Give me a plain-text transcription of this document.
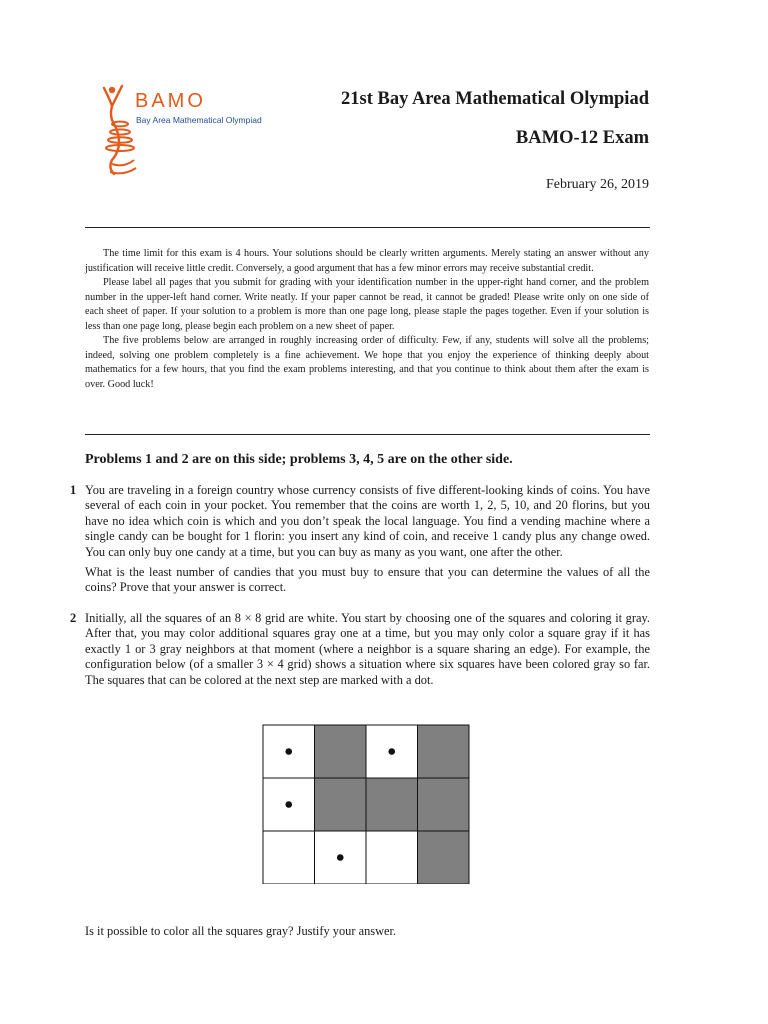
BAMO
Bay Area Mathematical Olympiad
21st Bay Area Mathematical Olympiad
BAMO-12 Exam
February 26, 2019

The time limit for this exam is 4 hours. Your solutions should be clearly written arguments. Merely stating an answer without any justification will receive little credit. Conversely, a good argument that has a few minor errors may receive substantial credit.

Please label all pages that you submit for grading with your identification number in the upper-right hand corner, and the problem number in the upper-left hand corner. Write neatly. If your paper cannot be read, it cannot be graded! Please write only on one side of each sheet of paper. If your solution to a problem is more than one page long, please staple the pages together. Even if your solution is less than one page long, please begin each problem on a new sheet of paper.

The five problems below are arranged in roughly increasing order of difficulty. Few, if any, students will solve all the problems; indeed, solving one problem completely is a fine achievement. We hope that you enjoy the experience of thinking deeply about mathematics for a few hours, that you find the exam problems interesting, and that you continue to think about them after the exam is over. Good luck!

Problems 1 and 2 are on this side; problems 3, 4, 5 are on the other side.
1 You are traveling in a foreign country whose currency consists of five different-looking kinds of coins. You have several of each coin in your pocket. You remember that the coins are worth 1, 2, 5, 10, and 20 florins, but you have no idea which coin is which and you don’t speak the local language. You find a vending machine where a single candy can be bought for 1 florin: you insert any kind of coin, and receive 1 candy plus any change owed. You can only buy one candy at a time, but you can buy as many as you want, one after the other.

What is the least number of candies that you must buy to ensure that you can determine the values of all the coins? Prove that your answer is correct.

2 Initially, all the squares of an 8 × 8 grid are white. You start by choosing one of the squares and coloring it gray. After that, you may color additional squares gray one at a time, but you may only color a square gray if it has exactly 1 or 3 gray neighbors at that moment (where a neighbor is a square sharing an edge). For example, the configuration below (of a smaller 3 × 4 grid) shows a situation where six squares have been colored gray so far. The squares that can be colored at the next step are marked with a dot.

Is it possible to color all the squares gray? Justify your answer.
